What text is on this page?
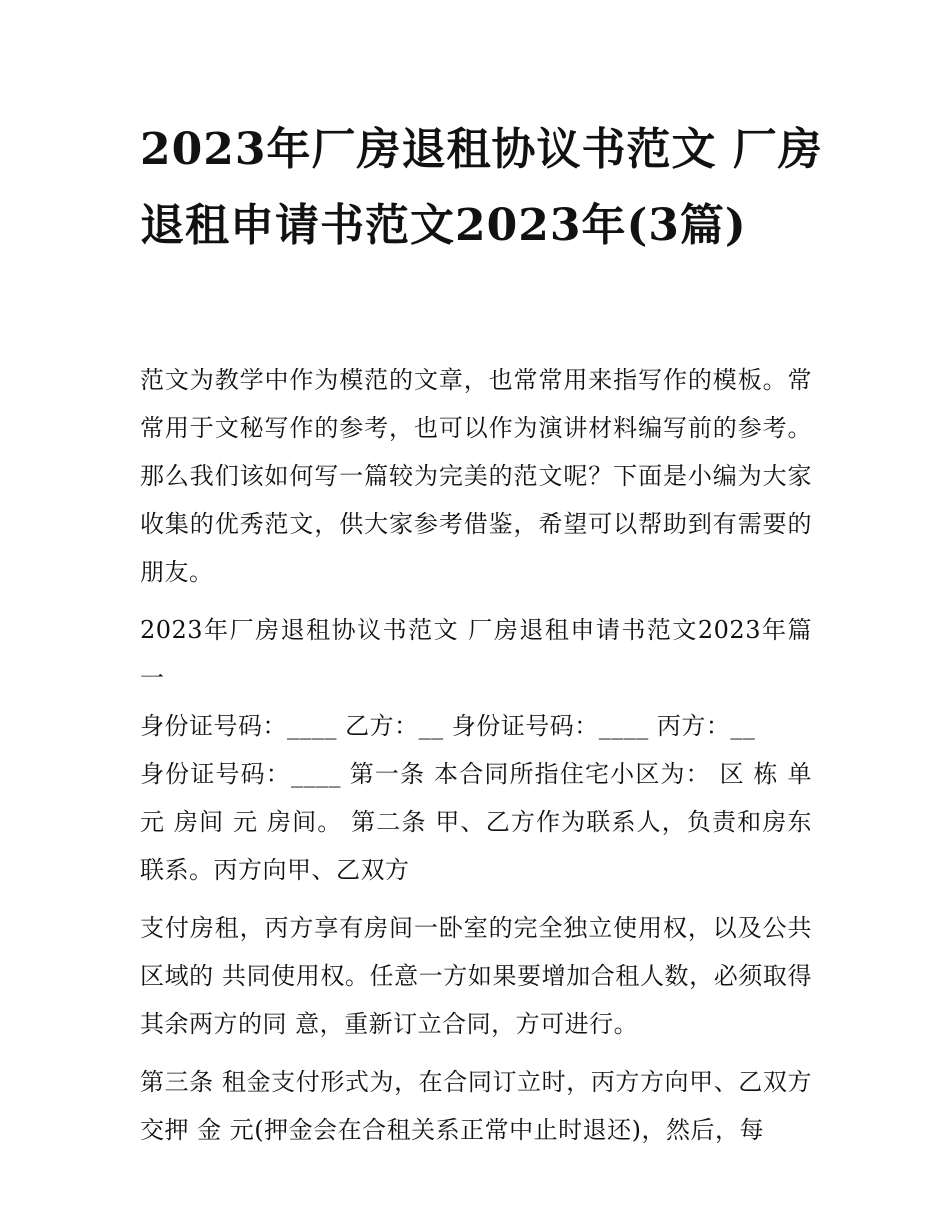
2023年厂房退租协议书范文 厂房退租申请书范文2023年(3篇)

范文为教学中作为模范的文章，也常常用来指写作的模板。常常用于文秘写作的参考，也可以作为演讲材料编写前的参考。那么我们该如何写一篇较为完美的范文呢？下面是小编为大家收集的优秀范文，供大家参考借鉴，希望可以帮助到有需要的朋友。

2023年厂房退租协议书范文 厂房退租申请书范文2023年篇一

身份证号码：____ 乙方：__ 身份证号码：____ 丙方：__

身份证号码：____ 第一条 本合同所指住宅小区为： 区 栋 单元 房间 元 房间。 第二条 甲、乙方作为联系人，负责和房东联系。丙方向甲、乙双方

支付房租，丙方享有房间一卧室的完全独立使用权，以及公共区域的 共同使用权。任意一方如果要增加合租人数，必须取得其余两方的同 意，重新订立合同，方可进行。

第三条 租金支付形式为，在合同订立时，丙方方向甲、乙双方交押 金 元(押金会在合租关系正常中止时退还)，然后，每
